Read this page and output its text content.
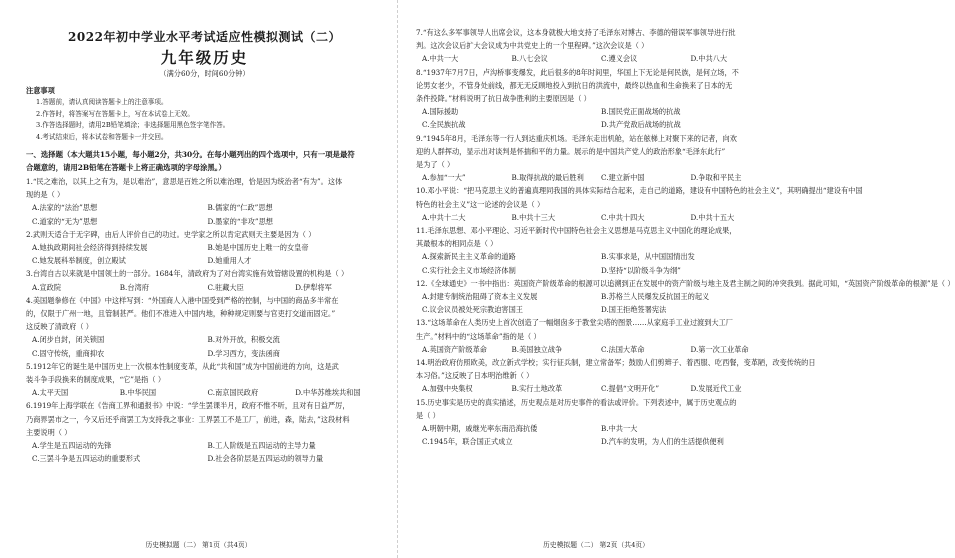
2022年初中学业水平考试适应性模拟测试（二）
九年级历史
（满分60分，时间60分钟）
注意事项
1.答题前，请认真阅读答题卡上的注意事项。
2.作答时，将答案写在答题卡上，写在本试卷上无效。
3.作答选择题时，请用2B铅笔填涂；非选择题用黑色签字笔作答。
4.考试结束后，将本试卷和答题卡一并交回。
一、选择题（本大题共15小题，每小题2分，共30分。在每小题列出的四个选项中，只有一项是最符
合题意的，请用2B铅笔在答题卡上将正确选项的字母涂黑。）
1.“民之难治，以其上之有为，是以难治”，意思是百姓之所以难治理，恰是因为统治者“有为”。这体
现的是（ ）
A.法家的“法治”思想	B.儒家的“仁政”思想
C.道家的“无为”思想	D.墨家的“非攻”思想
2.武则天适合于无字碑，由后人评价自己的功过。史学家之所以肯定武则天主要是因为（ ）
A.她执政期间社会经济得到持续发展	B.她是中国历史上唯一的女皇帝
C.她发展科举制度，创立殿试	D.她重用人才
3.台湾自古以来就是中国领土的一部分。1684年，清政府为了对台湾实施有效管辖设置的机构是（ ）
A.宣政院	B.台湾府	C.驻藏大臣	D.伊犁将军
4.美国题拳修在《中国》中这样写到：“外国商人入港中国受到严格的控制，与中国的商品多半常在
的，仅限于广州一地，且管制甚严。他们不准进入中国内地，种种规定则要与官吏打交道而固定。”
这反映了清政府（ ）
A.闭步自封，闭关锁国	B.对外开放，积极交流
C.固守传统，重商抑农	D.学习西方，变法函商
5.1912年它的诞生是中国历史上一次根本性制度变革，从此“共和国”成为中国前进的方向，这是武
装斗争手段换来的制度成果，“它”是指（ ）
A.太平天国	B.中华民国	C.南京国民政府	D.中华苏维埃共和国
6.1919年上海学联在《告商工界和通报书》中说：“学生罢课半月，政府不惟不听，且对有日益严厉，
乃商界罢市之一，今又后还乎商罢工为支持我之事业：工界罢工不是工厂，前进，森，陆去，”这段材料
主要说明（ ）
A.学生是五四运动的先锋	B.工人阶级是五四运动的主导力量
C.三罢斗争是五四运动的重要形式	D.社会各阶层是五四运动的领导力量
历史模拟题（二） 第1页（共4页）
7.“有这么多军事领导人出席会议，这本身就极大地支持了毛泽东对博古、李德的错误军事领导进行批
判。这次会议后扩大会议成为中共党史上的一个里程碑。”这次会议是（ ）
A.中共一大	B.八七会议	C.遵义会议	D.中共八大
8.“1937年7月7日，卢沟桥事变爆发，此后很多的8年时间里，华国上下无论是何民族，是何立场，不
论男女老少，不管身处前线，都无无反顾地投入到抗日的洪流中，最终以热血和生命换来了日本的无
条件投降。”材料说明了抗日战争胜利的主要原因是（ ）
A.国际援助	B.国民党正面战场的抗战
C.全民族抗战	D.共产党敌后战场的抗战
9.“1945年8月，毛泽东等一行人到达重庆机场。毛泽东走出机舱，站在舷梯上对聚下来的记者，向欢
迎的人群挥动，显示出对谈判是怀揣和平的力量。展示的是中国共产党人的政治形象“毛泽东此行”
是为了（ ）
A.参加“一大”	B.取得抗战的最后胜利	C.建立新中国	D.争取和平民主
10.邓小平说：“把马克思主义的普遍真理同我国的具体实际结合起来，走自己的道路，建设有中国特色的社会主义”，其明确提出“建设有中国
特色的社会主义”这一论述的会议是（ ）
A.中共十二大	B.中共十三大	C.中共十四大	D.中共十五大
11.毛泽东思想、邓小平理论、习近平新时代中国特色社会主义思想是马克思主义中国化的理论成果，
其最根本的相同点是（ ）
A.探索新民主主义革命的道路	B.实事求是，从中国国情出发
C.实行社会主义市场经济体制	D.坚持“以阶级斗争为纲”
12.《全球通史》一书中指出：英国资产阶级革命的根源可以追溯到正在发展中的资产阶级与地主及君主制之间的冲突我到。据此可知，“英国资产阶级革命的根源”是（ ）
A.封建专制统治阻碍了资本主义发展	B.苏格兰人民爆发反抗国王的起义
C.议会议员被处死宗教迫害国王	D.国王拒绝签署宪法
13.“这场革命在人类历史上首次创造了一幅烟囱多于教堂尖塔的图景……从家庭手工业过渡到大工厂
生产。”材料中的“这场革命”指的是（ ）
A.英国资产阶级革命	B.美国独立战争	C.法国大革命	D.第一次工业革命
14.明治政府仿照欧美，改立新式学校；实行征兵制，建立常备军；鼓励人们剪辫子、着西服、吃西餐，变革陋，改变传统的日
本习俗。”这反映了日本明治维新（ ）
A.加强中央集权	B.实行土地改革	C.提倡“文明开化”	D.发展近代工业
15.历史事实是历史的真实描述，历史观点是对历史事件的看法或评价。下列表述中，属于历史观点的
是（ ）
A.明朝中期，戚继光率东南沿海抗倭	B.中共一大
C.1945年，联合国正式成立	D.汽车的发明，为人们的生活提供便利
历史模拟题（二） 第2页（共4页）
